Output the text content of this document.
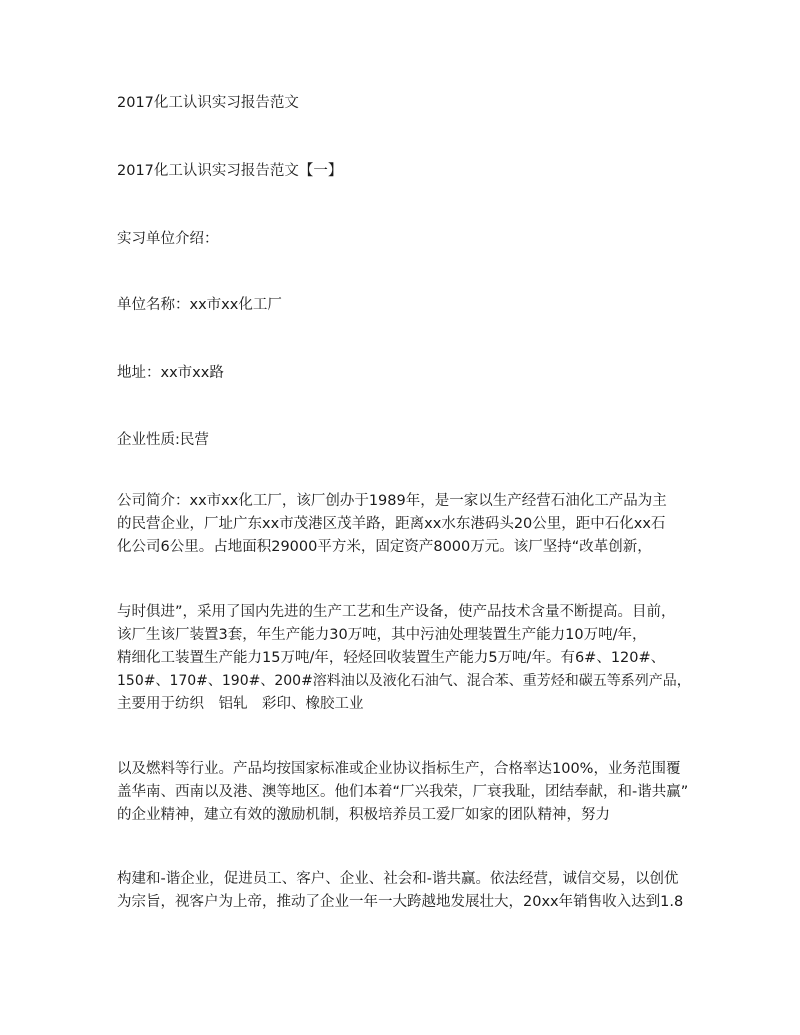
2017化工认识实习报告范文
2017化工认识实习报告范文【一】
实习单位介绍：
单位名称：xx市xx化工厂
地址：xx市xx路
企业性质:民营

公司简介：xx市xx化工厂，该厂创办于1989年，是一家以生产经营石油化工产品为主

的民营企业，厂址广东xx市茂港区茂羊路，距离xx水东港码头20公里，距中石化xx石

化公司6公里。占地面积29000平方米，固定资产8000万元。该厂坚持“改革创新，

与时俱进”，采用了国内先进的生产工艺和生产设备，使产品技术含量不断提高。目前，

该厂生该厂装置3套，年生产能力30万吨，其中污油处理装置生产能力10万吨/年，

精细化工装置生产能力15万吨/年，轻烃回收装置生产能力5万吨/年。有6#、120#、

150#、170#、190#、200#溶料油以及液化石油气、混合苯、重芳烃和碳五等系列产品，

主要用于纺织　铝轧　彩印、橡胶工业

以及燃料等行业。产品均按国家标准或企业协议指标生产，合格率达100%，业务范围覆

盖华南、西南以及港、澳等地区。他们本着“厂兴我荣，厂衰我耻，团结奉献，和-谐共赢”

的企业精神，建立有效的激励机制，积极培养员工爱厂如家的团队精神，努力

构建和-谐企业，促进员工、客户、企业、社会和-谐共赢。依法经营，诚信交易，以创优

为宗旨，视客户为上帝，推动了企业一年一大跨越地发展壮大，20xx年销售收入达到1.8
